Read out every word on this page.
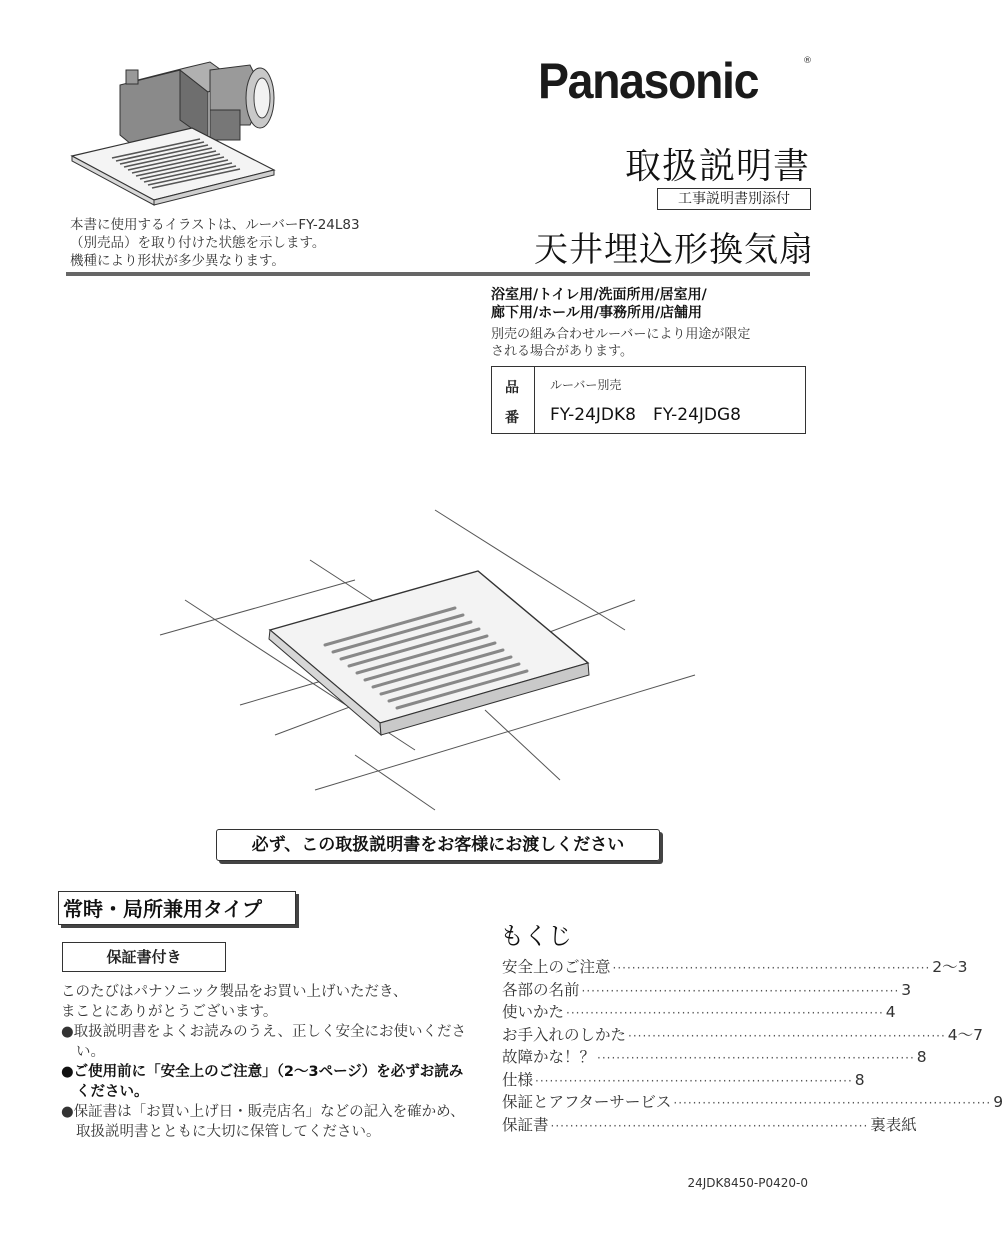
Panasonic	®
取扱説明書
工事説明書別添付
天井埋込形換気扇
本書に使用するイラストは、ルーバーFY-24L83
（別売品）を取り付けた状態を示します。
機種により形状が多少異なります。
浴室用/トイレ用/洗面所用/居室用/
廊下用/ホール用/事務所用/店舗用
別売の組み合わせルーバーにより用途が限定
される場合があります。
品
番
ルーバー別売
FY-24JDK8　FY-24JDG8
必ず、この取扱説明書をお客様にお渡しください
常時・局所兼用タイプ
保証書付き
このたびはパナソニック製品をお買い上げいただき、
まことにありがとうございます。
●取扱説明書をよくお読みのうえ、正しく安全にお使いください。
●ご使用前に「安全上のご注意」（2〜3ページ）を必ずお読みください。
●保証書は「お買い上げ日・販売店名」などの記入を確かめ、取扱説明書とともに大切に保管してください。
もくじ
安全上のご注意 ·································································· 2〜3
各部の名前 ·································································· 3
使いかた ·································································· 4
お手入れのしかた ·································································· 4〜7
故障かな！？ ·································································· 8
仕様 ·································································· 8
保証とアフターサービス ·································································· 9
保証書 ·································································· 裏表紙
24JDK8450-P0420-0
